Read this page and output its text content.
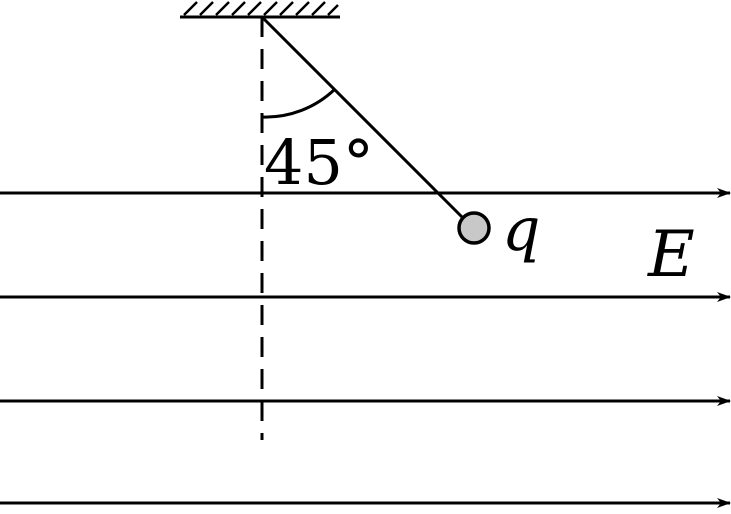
45°
q E
